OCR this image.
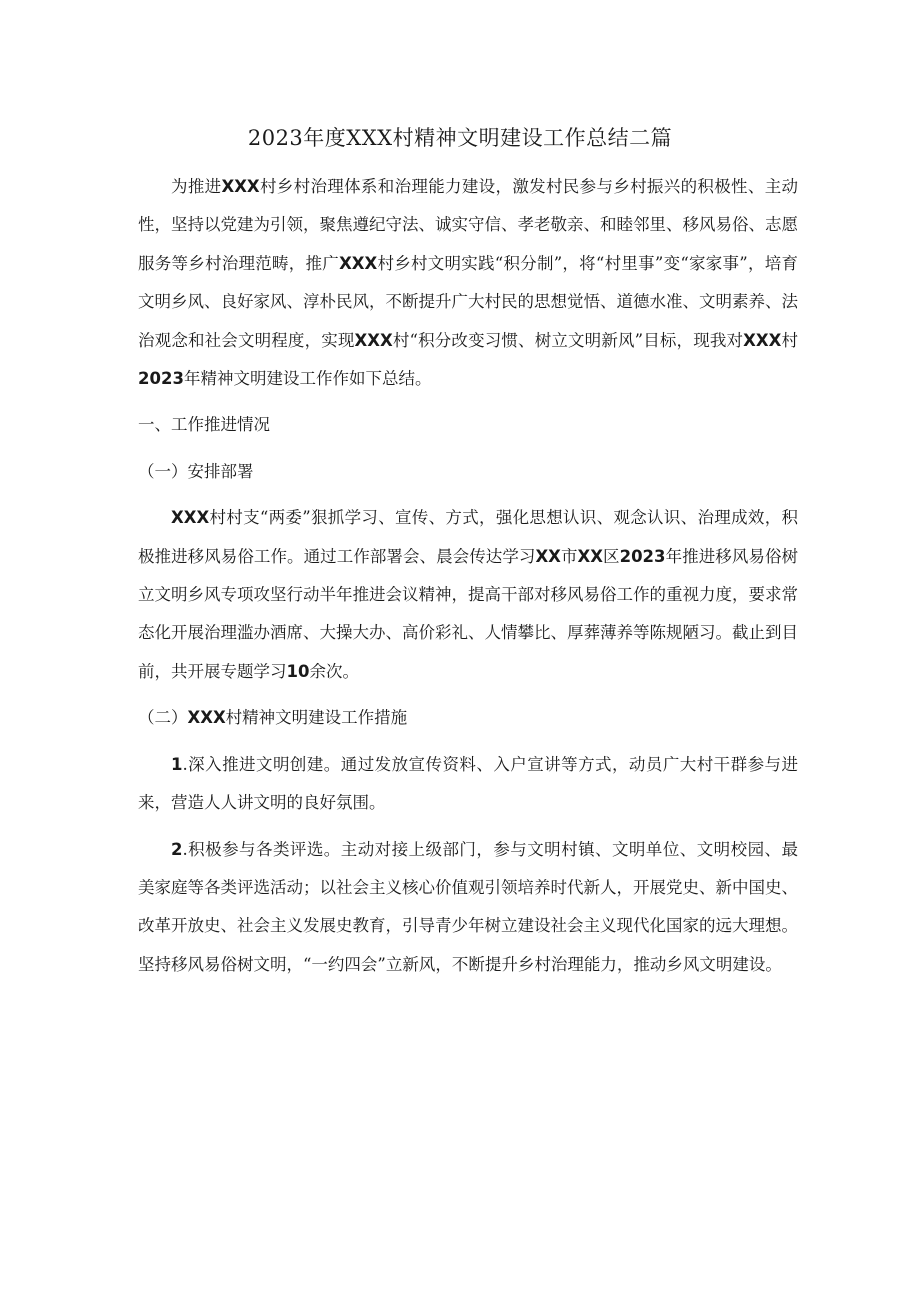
2023年度XXX村精神文明建设工作总结二篇

为推进XXX村乡村治理体系和治理能力建设，激发村民参与乡村振兴的积极性、主动性，坚持以党建为引领，聚焦遵纪守法、诚实守信、孝老敬亲、和睦邻里、移风易俗、志愿服务等乡村治理范畴，推广XXX村乡村文明实践“积分制”，将“村里事”变“家家事”，培育文明乡风、良好家风、淳朴民风，不断提升广大村民的思想觉悟、道德水准、文明素养、法治观念和社会文明程度，实现XXX村“积分改变习惯、树立文明新风”目标，现我对XXX村2023年精神文明建设工作作如下总结。

一、工作推进情况

（一）安排部署

XXX村村支“两委”狠抓学习、宣传、方式，强化思想认识、观念认识、治理成效，积极推进移风易俗工作。通过工作部署会、晨会传达学习XX市XX区2023年推进移风易俗树立文明乡风专项攻坚行动半年推进会议精神，提高干部对移风易俗工作的重视力度，要求常态化开展治理滥办酒席、大操大办、高价彩礼、人情攀比、厚葬薄养等陈规陋习。截止到目前，共开展专题学习10余次。

（二）XXX村精神文明建设工作措施

1.深入推进文明创建。通过发放宣传资料、入户宣讲等方式，动员广大村干群参与进来，营造人人讲文明的良好氛围。

2.积极参与各类评选。主动对接上级部门，参与文明村镇、文明单位、文明校园、最美家庭等各类评选活动；以社会主义核心价值观引领培养时代新人，开展党史、新中国史、改革开放史、社会主义发展史教育，引导青少年树立建设社会主义现代化国家的远大理想。坚持移风易俗树文明，“一约四会”立新风，不断提升乡村治理能力，推动乡风文明建设。
